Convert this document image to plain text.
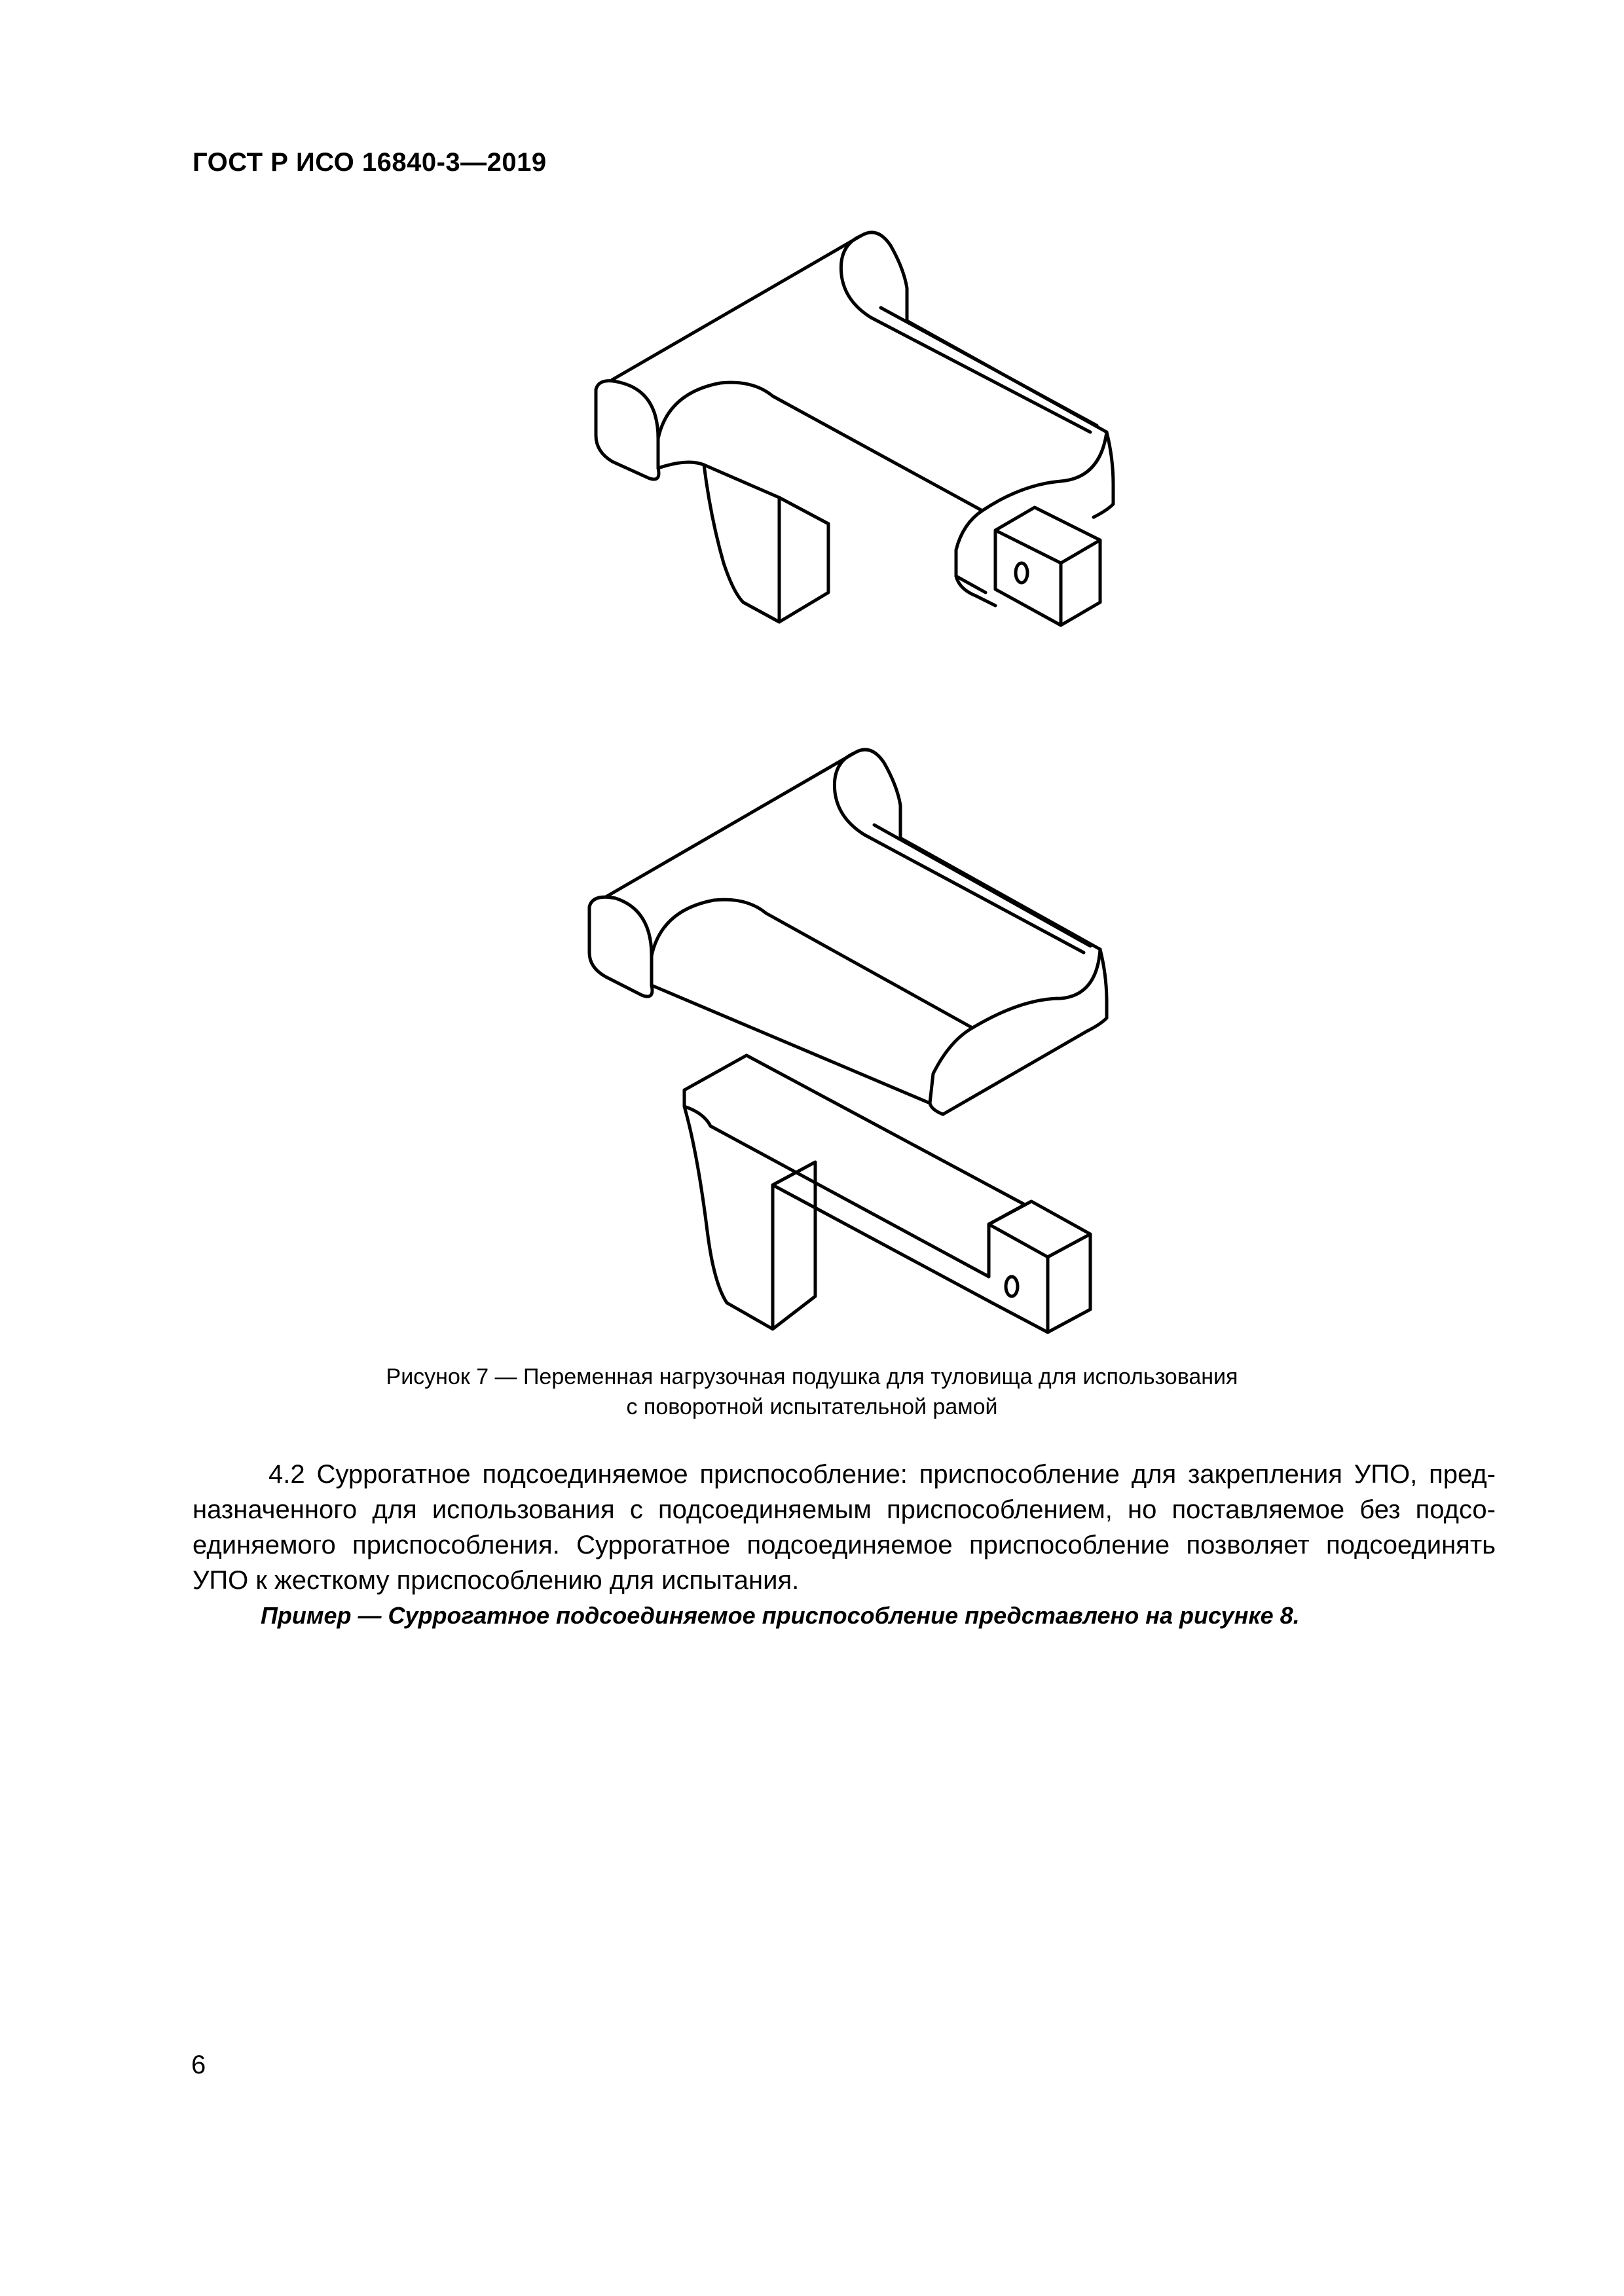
ГОСТ Р ИСО 16840-3—2019
Рисунок 7 — Переменная нагрузочная подушка для туловища для использования
с поворотной испытательной рамой
4.2 Суррогатное подсоединяемое приспособление: приспособление для закрепления УПО, пред-
назначенного для использования с подсоединяемым приспособлением, но поставляемое без подсо-
единяемого приспособления. Суррогатное подсоединяемое приспособление позволяет подсоединять
УПО к жесткому приспособлению для испытания.
Пример — Суррогатное подсоединяемое приспособление представлено на рисунке 8.
6
